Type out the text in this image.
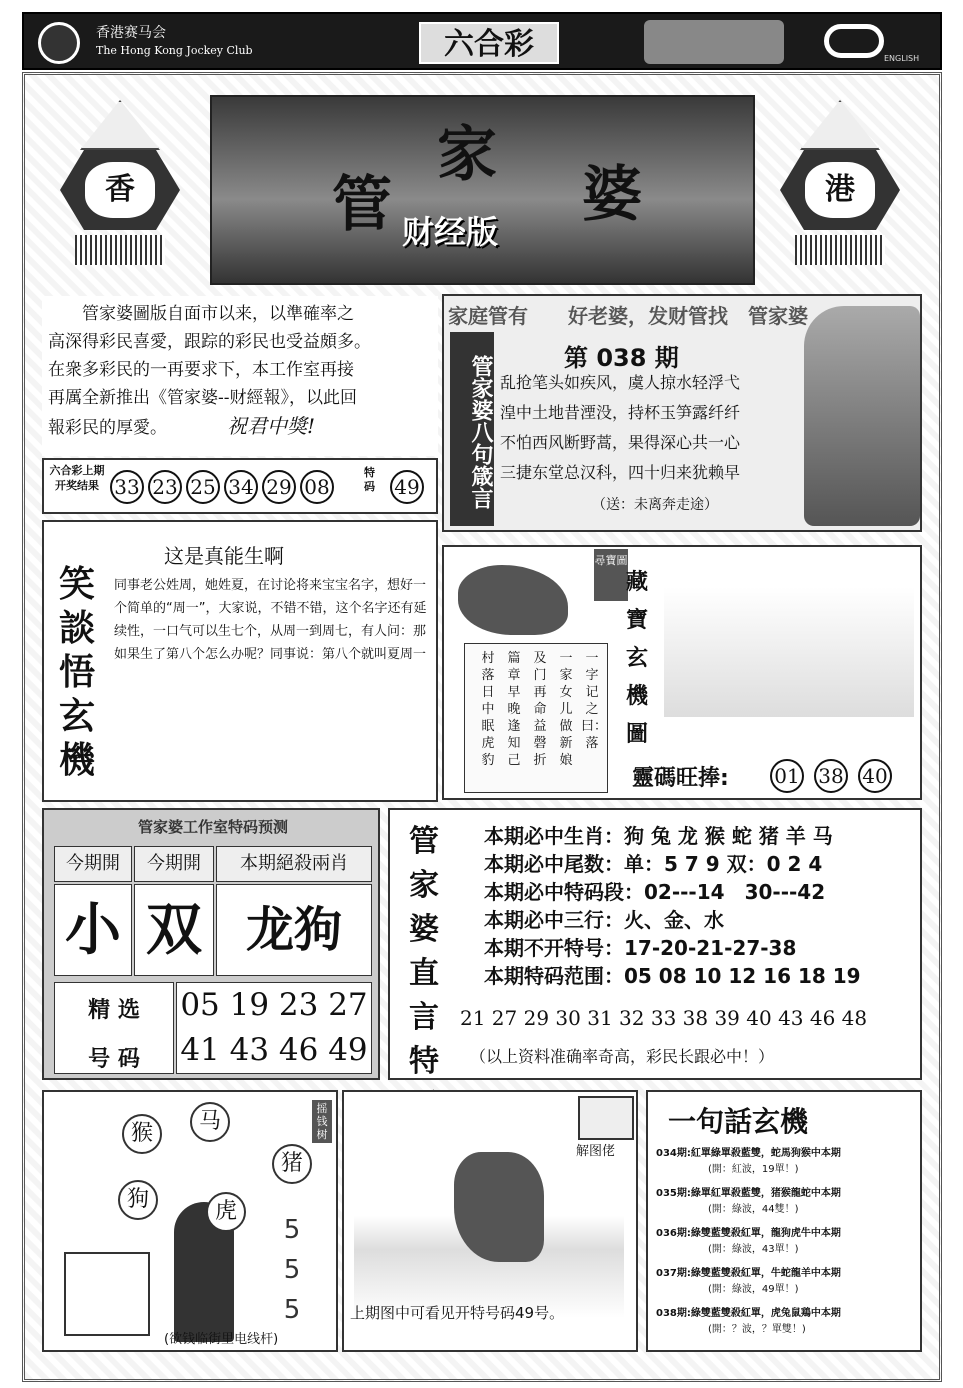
香港赛马会
The Hong Kong Jockey Club	六合彩	ENGLISH
香	港
管
家
婆
财经版
管家婆圖版自面市以来，以準確率之
高深得彩民喜愛，跟踪的彩民也受益頗多。
在衆多彩民的一再要求下，本工作室再接
再厲全新推出《管家婆--财經報》，以此回
報彩民的厚愛。	祝君中獎!
六合彩上期开奖结果 33 23 25 34 29 08
特码 49
家庭管有　　好老婆，发财管找　管家婆
管家婆八句箴言	第 038 期
乱抢笔头如疾风，虞人掠水轻浮弋
湟中土地昔湮没，持杯玉笋露纤纤
不怕西风断野蒿，果得深心共一心
三捷东堂总汉科，四十归来犹赖早
（送：未离奔走途）
笑談悟玄機
这是真能生啊
同事老公姓周，她姓夏，在讨论将来宝宝名字，想好一个简单的“周一”，大家说，不错不错，这个名字还有延续性，一口气可以生七个，从周一到周七，有人问：那如果生了第八个怎么办呢？同事说：第八个就叫夏周一
尋寶圖
一字记之曰：落
一家女儿做新娘
及门再命益磬折
篇章早晚逢知己
村落日中眠虎豹
藏寶玄機圖
靈碼旺捧: 01 38 40
管家婆工作室特码预测
今期開	今期開	本期絕殺兩肖
小 双 龙狗
精 选
号 码
05 19 23 27
41 43 46 49
管家婆直言特
本期必中生肖：狗 兔 龙 猴 蛇 猪 羊 马
本期必中尾数：单：5 7 9 双：0 2 4
本期必中特码段：02---14　30---42
本期必中三行：火、金、水
本期不开特号：17-20-21-27-38
本期特码范围：05 08 10 12 16 18 19
21 27 29 30 31 32 33 38 39 40 43 46 48
（以上资料准确率奇高，彩民长跟必中！）
摇钱树
猴	马
猪
狗	虎
5 5 5
(欲钱临街里电线杆)
解图佬
上期图中可看见开特号码49号。
一句話玄機
034期:紅單綠單殺藍雙，蛇馬狗猴中本期
(開：紅波，19單！)
035期:綠單紅單殺藍雙，猪猴龍蛇中本期
(開：綠波，44雙！)
036期:綠雙藍雙殺紅單，龍狗虎牛中本期
(開：綠波，43單！)
037期:綠雙藍雙殺紅單，牛蛇龍羊中本期
(開：綠波，49單！)
038期:綠雙藍雙殺紅單，虎兔鼠鶏中本期
(開：？波，？單雙！)
